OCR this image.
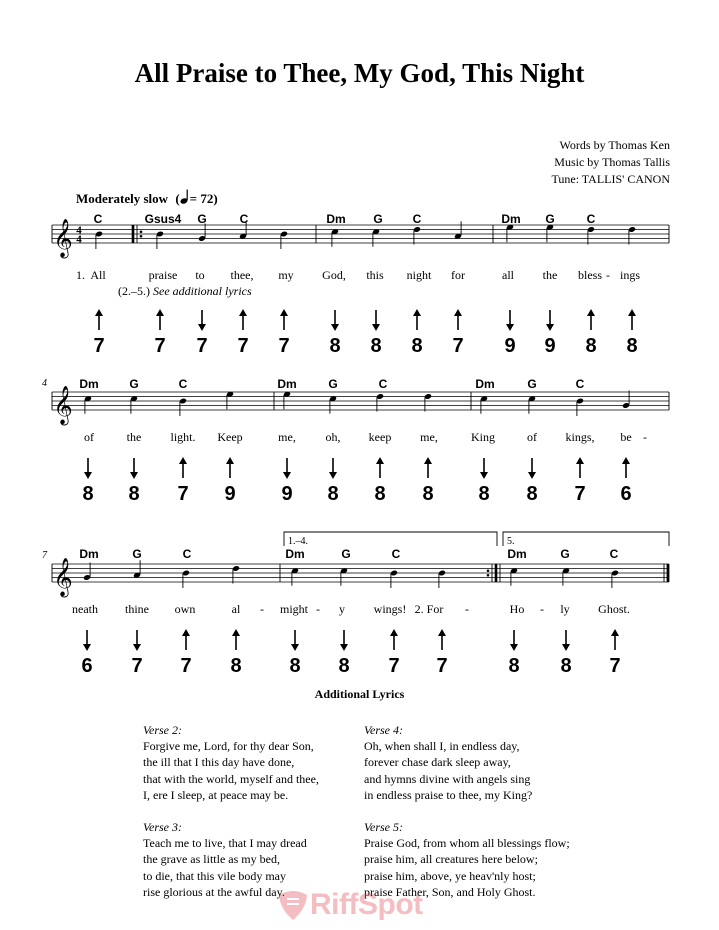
All Praise to Thee, My God, This Night
Words by Thomas Ken
Music by Thomas Tallis
Tune: TALLIS' CANON
Moderately slow ( = 72)
𝄞 4
4
C	Gsus4 G	C	Dm G C	Dm G	C
1. All	praise to thee, my God, this night for	all the bless - ings
(2.–5.) See additional lyrics
7 7 7 7 7 8 8 8 7 9 9 8 8
𝄞
4	Dm	G	C	Dm	G	C	Dm	G	C
of	the light. Keep	me, oh, keep me,	King	of kings, be -
8 8 7 9 9 8 8 8 8 8 7 6
𝄞
7	Dm	G	C	Dm	G	C	Dm	G	C
neath thine own	al - might - y wings! 2. For -	Ho - ly Ghost.
1.–4.	5.
6 7 7 8 8 8 7 7	8 8 7
Additional Lyrics
Verse 2:
Forgive me, Lord, for thy dear Son,
the ill that I this day have done,
that with the world, myself and thee,
I, ere I sleep, at peace may be.
Verse 3:
Teach me to live, that I may dread
the grave as little as my bed,
to die, that this vile body may
rise glorious at the awful day.
Verse 4:
Oh, when shall I, in endless day,
forever chase dark sleep away,
and hymns divine with angels sing
in endless praise to thee, my King?
Verse 5:
Praise God, from whom all blessings flow;
praise him, all creatures here below;
praise him, above, ye heav'nly host;
praise Father, Son, and Holy Ghost.
RiffSpot
